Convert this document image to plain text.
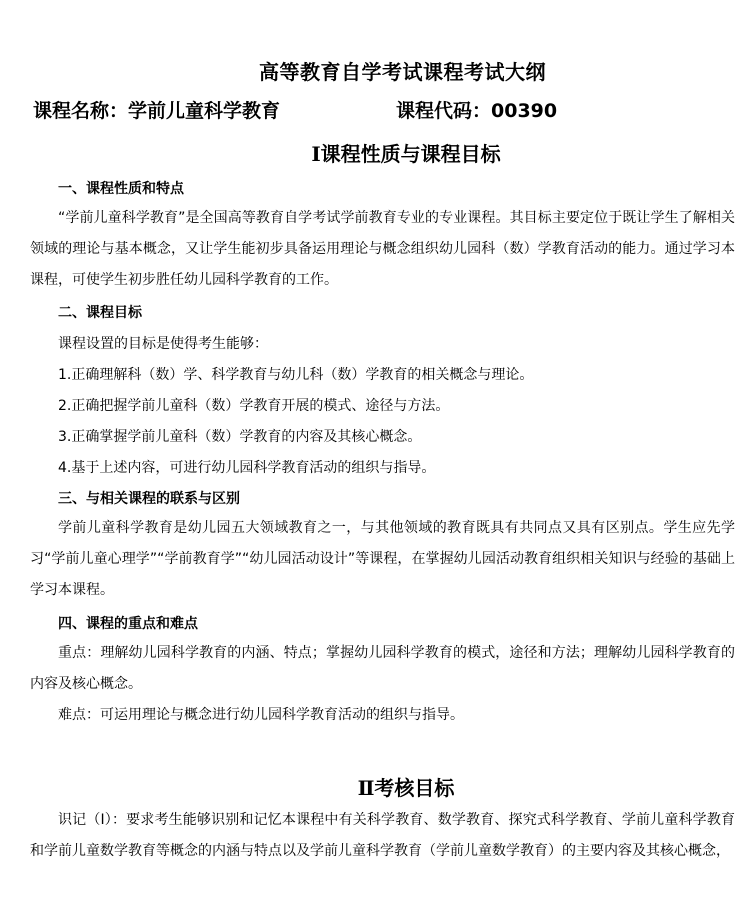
高等教育自学考试课程考试大纲
课程名称：学前儿童科学教育	课程代码：00390
Ⅰ课程性质与课程目标
一、课程性质和特点
“学前儿童科学教育”是全国高等教育自学考试学前教育专业的专业课程。其目标主要定位于既让学生了解相关领域的理论与基本概念，又让学生能初步具备运用理论与概念组织幼儿园科（数）学教育活动的能力。通过学习本课程，可使学生初步胜任幼儿园科学教育的工作。
二、课程目标
课程设置的目标是使得考生能够：
1.正确理解科（数）学、科学教育与幼儿科（数）学教育的相关概念与理论。
2.正确把握学前儿童科（数）学教育开展的模式、途径与方法。
3.正确掌握学前儿童科（数）学教育的内容及其核心概念。
4.基于上述内容，可进行幼儿园科学教育活动的组织与指导。
三、与相关课程的联系与区别
学前儿童科学教育是幼儿园五大领域教育之一，与其他领域的教育既具有共同点又具有区别点。学生应先学习“学前儿童心理学”“学前教育学”“幼儿园活动设计”等课程，在掌握幼儿园活动教育组织相关知识与经验的基础上学习本课程。
四、课程的重点和难点
重点：理解幼儿园科学教育的内涵、特点；掌握幼儿园科学教育的模式，途径和方法；理解幼儿园科学教育的内容及核心概念。
难点：可运用理论与概念进行幼儿园科学教育活动的组织与指导。
Ⅱ考核目标
识记（Ⅰ）：要求考生能够识别和记忆本课程中有关科学教育、数学教育、探究式科学教育、学前儿童科学教育和学前儿童数学教育等概念的内涵与特点以及学前儿童科学教育（学前儿童数学教育）的主要内容及其核心概念，
